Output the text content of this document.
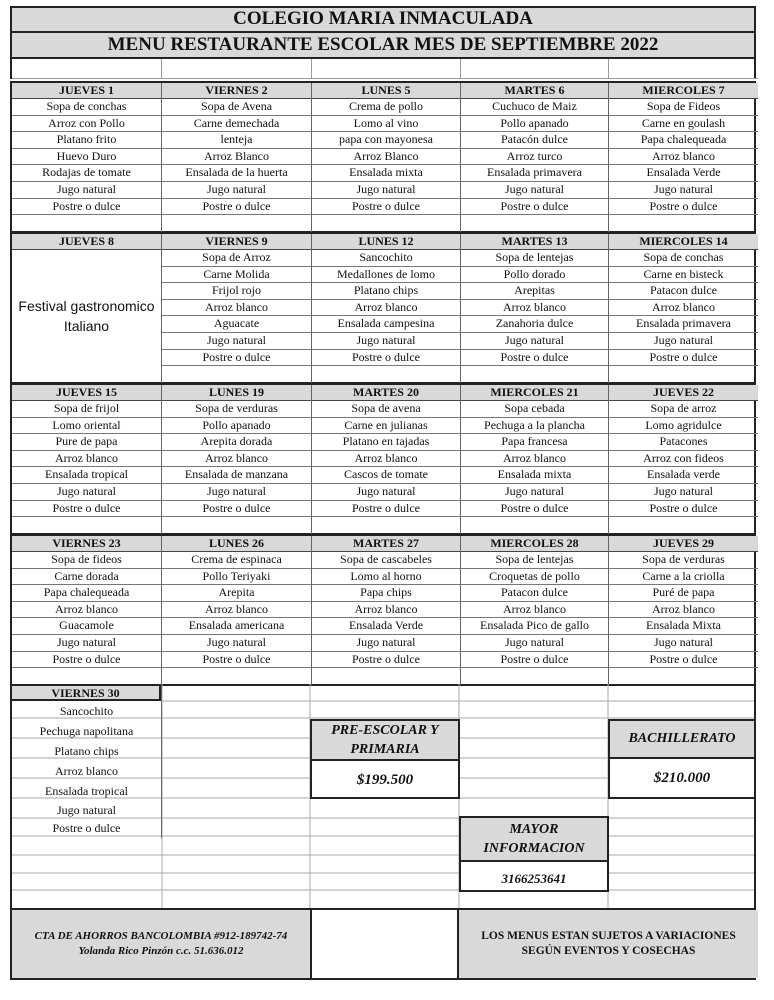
COLEGIO MARIA INMACULADA
MENU RESTAURANTE ESCOLAR MES DE SEPTIEMBRE 2022
JUEVES 1
Sopa de conchas
Arroz con Pollo
Platano frito
Huevo Duro
Rodajas de tomate
Jugo natural
Postre o dulce
VIERNES 2
Sopa de Avena
Carne demechada
lenteja
Arroz Blanco
Ensalada de la huerta
Jugo natural
Postre o dulce
LUNES 5
Crema de pollo
Lomo al vino
papa con mayonesa
Arroz Blanco
Ensalada mixta
Jugo natural
Postre o dulce
MARTES 6
Cuchuco de Maiz
Pollo apanado
Patacón dulce
Arroz turco
Ensalada primavera
Jugo natural
Postre o dulce
MIERCOLES 7
Sopa de Fideos
Carne en goulash
Papa chalequeada
Arroz blanco
Ensalada Verde
Jugo natural
Postre o dulce
JUEVES 8
Festival gastronomico Italiano
VIERNES 9
Sopa de Arroz
Carne Molida
Frijol rojo
Arroz blanco
Aguacate
Jugo natural
Postre o dulce
LUNES 12
Sancochito
Medallones de lomo
Platano chips
Arroz blanco
Ensalada campesina
Jugo natural
Postre o dulce
MARTES 13
Sopa de lentejas
Pollo dorado
Arepitas
Arroz blanco
Zanahoria dulce
Jugo natural
Postre o dulce
MIERCOLES 14
Sopa de conchas
Carne en bisteck
Patacon dulce
Arroz blanco
Ensalada primavera
Jugo natural
Postre o dulce
JUEVES 15
Sopa de frijol
Lomo oriental
Pure de papa
Arroz blanco
Ensalada tropical
Jugo natural
Postre o dulce
LUNES 19
Sopa de verduras
Pollo apanado
Arepita dorada
Arroz blanco
Ensalada de manzana
Jugo natural
Postre o dulce
MARTES 20
Sopa de avena
Carne en julianas
Platano en tajadas
Arroz blanco
Cascos de tomate
Jugo natural
Postre o dulce
MIERCOLES 21
Sopa cebada
Pechuga a la plancha
Papa francesa
Arroz blanco
Ensalada mixta
Jugo natural
Postre o dulce
JUEVES 22
Sopa de arroz
Lomo agridulce
Patacones
Arroz con fideos
Ensalada verde
Jugo natural
Postre o dulce
VIERNES 23
Sopa de fideos
Carne dorada
Papa chalequeada
Arroz blanco
Guacamole
Jugo natural
Postre o dulce
LUNES 26
Crema de espinaca
Pollo Teriyaki
Arepita
Arroz blanco
Ensalada americana
Jugo natural
Postre o dulce
MARTES 27
Sopa de cascabeles
Lomo al horno
Papa chips
Arroz blanco
Ensalada Verde
Jugo natural
Postre o dulce
MIERCOLES 28
Sopa de lentejas
Croquetas de pollo
Patacon dulce
Arroz blanco
Ensalada Pico de gallo
Jugo natural
Postre o dulce
JUEVES 29
Sopa de verduras
Carne a la criolla
Puré de papa
Arroz blanco
Ensalada Mixta
Jugo natural
Postre o dulce
VIERNES 30
Sancochito
Pechuga napolitana
Platano chips
Arroz blanco
Ensalada tropical
Jugo natural
Postre o dulce
PRE-ESCOLAR Y PRIMARIA
$199.500
BACHILLERATO
$210.000
MAYOR INFORMACION
3166253641
CTA DE AHORROS BANCOLOMBIA #912-189742-74
Yolanda Rico Pinzón c.c. 51.636.012
LOS MENUS ESTAN SUJETOS A VARIACIONES SEGÚN EVENTOS Y COSECHAS
